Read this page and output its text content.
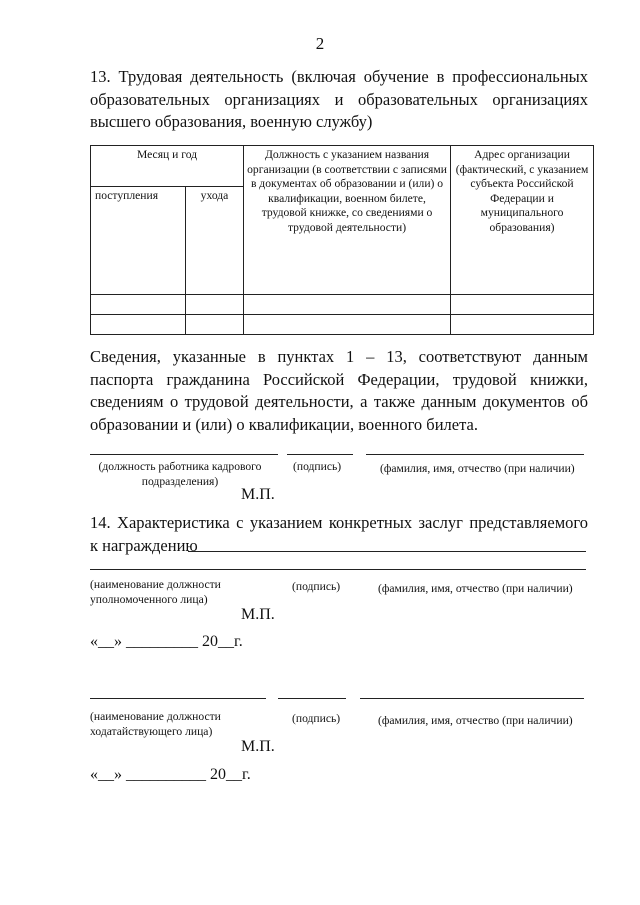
2
13. Трудовая деятельность (включая обучение в профессиональных образовательных организациях и образовательных организациях высшего образования, военную службу)
Месяц и год		Должность с указанием названия организации (в соответствии с записями в документах об образовании и (или) о квалификации, военном билете, трудовой книжке, со сведениями о трудовой деятельности)	Адрес организации (фактический, с указанием субъекта Российской Федерации и муниципального образования)
поступления	ухода		

Сведения, указанные в пунктах 1 – 13, соответствуют данным паспорта гражданина Российской Федерации, трудовой книжки, сведениям о трудовой деятельности, а также данным документов об образовании и (или) о квалификации, военного билета.
(должность работника кадрового подразделения)
(подпись)	(фамилия, имя, отчество (при наличии)
М.П.
14. Характеристика с указанием конкретных заслуг представляемого
к награждению
(наименование должности уполномоченного лица)
(подпись)	(фамилия, имя, отчество (при наличии)
М.П.
«__» _________ 20__г.
(наименование должности ходатайствующего лица)
(подпись)	(фамилия, имя, отчество (при наличии)
М.П.
«__» __________ 20__г.
